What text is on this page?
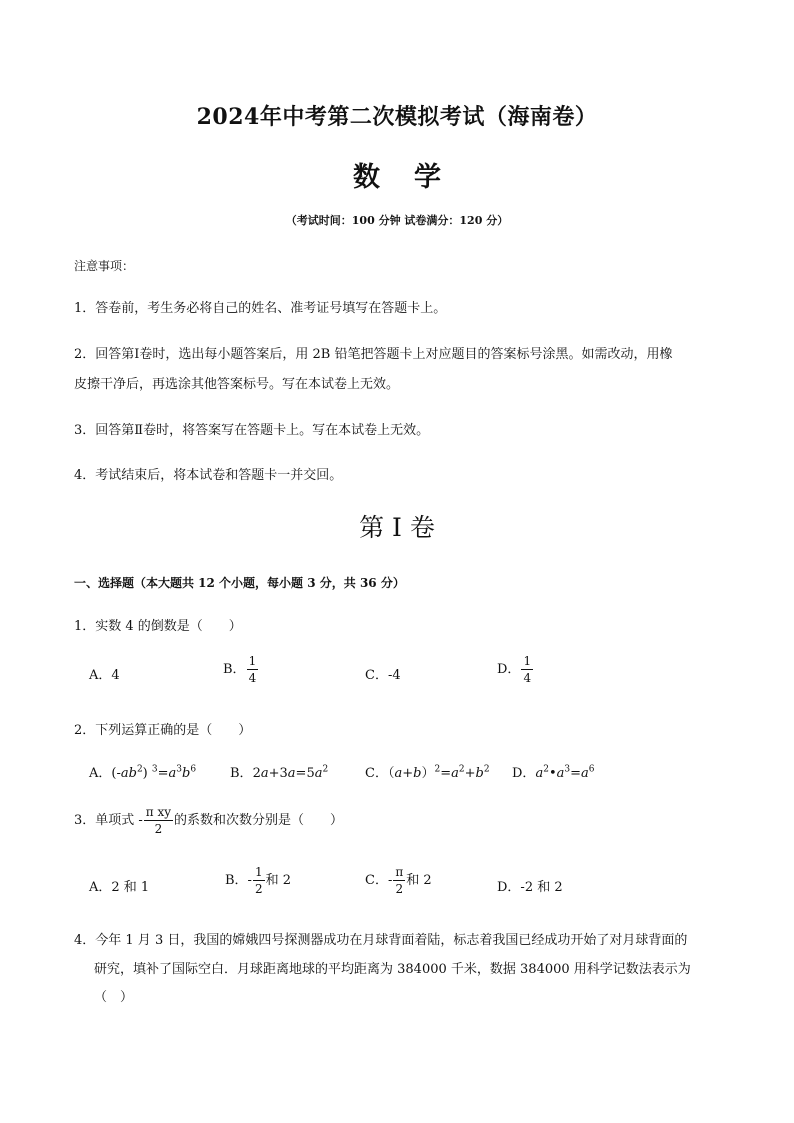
2024年中考第二次模拟考试（海南卷）
数 学
（考试时间：100 分钟 试卷满分：120 分）
注意事项：
1．答卷前，考生务必将自己的姓名、准考证号填写在答题卡上。
2．回答第Ⅰ卷时，选出每小题答案后，用 2B 铅笔把答题卡上对应题目的答案标号涂黑。如需改动，用橡
皮擦干净后，再选涂其他答案标号。写在本试卷上无效。
3．回答第Ⅱ卷时，将答案写在答题卡上。写在本试卷上无效。
4．考试结束后，将本试卷和答题卡一并交回。
第 I 卷
一、选择题（本大题共 12 个小题，每小题 3 分，共 36 分）
1．实数 4 的倒数是（　　）
A．4	B． $\frac{1}{4}$	C．-4	D． $\frac{1}{4}$
2．下列运算正确的是（　　）
A．$(-ab^2)$ $^3=a^3b^6$	B．$2a+3a=5a^2$	C．$(a+b)^2=a^2+b^2$ D．$a^2•a^3=a^6$
3．单项式 - $\frac{\text{π xy}}{2}$ 的系数和次数分别是（　　）
A．2 和 1	B．- $\frac{1}{2}$ 和 2	C．- $\frac{\pi}{2}$ 和 2	D．-2 和 2
4．今年 1 月 3 日，我国的嫦娥四号探测器成功在月球背面着陆，标志着我国已经成功开始了对月球背面的
研究，填补了国际空白．月球距离地球的平均距离为 384000 千米，数据 384000 用科学记数法表示为
（　）
